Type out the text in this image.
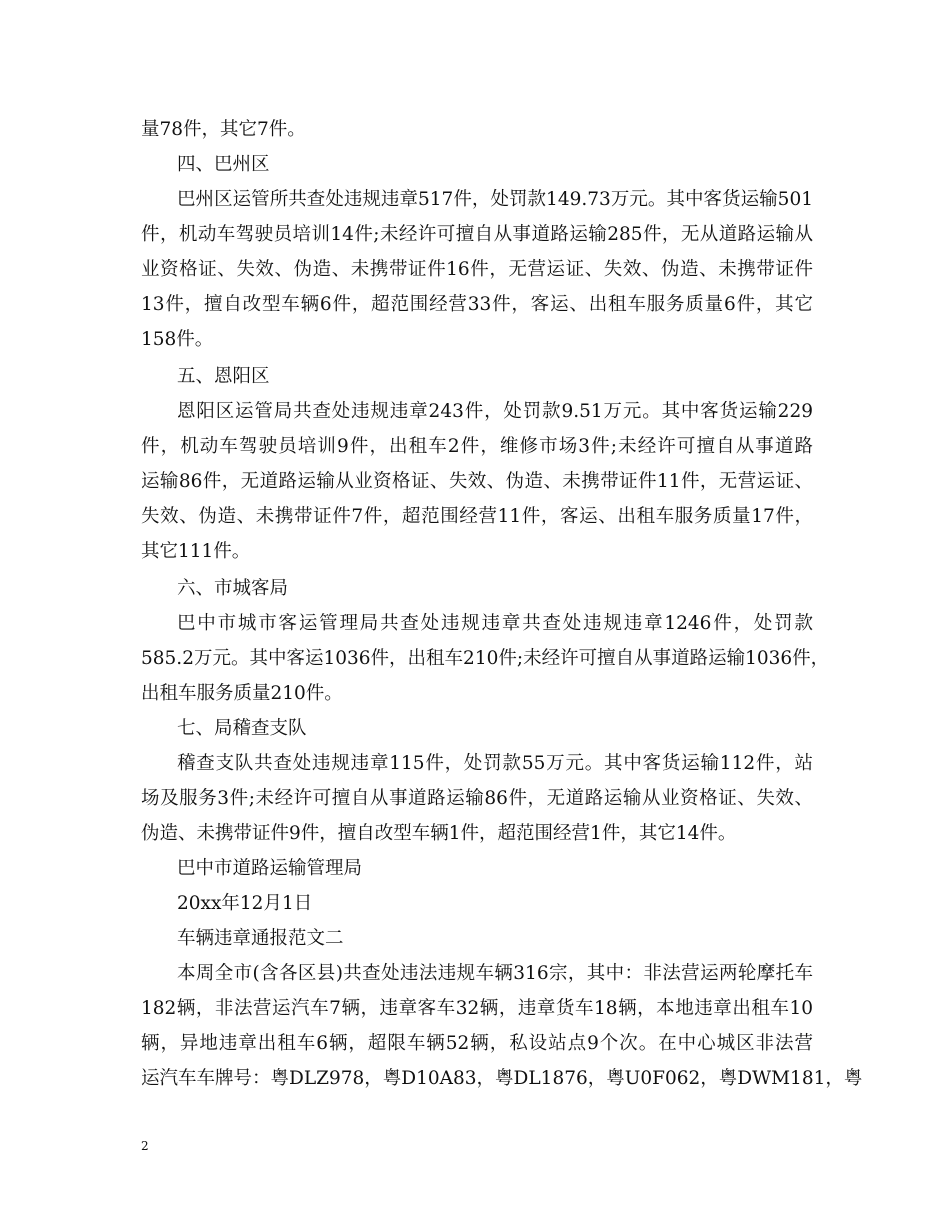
量78件，其它7件。
四、巴州区
巴州区运管所共查处违规违章517件，处罚款149.73万元。其中客货运输501
件，机动车驾驶员培训14件;未经许可擅自从事道路运输285件，无从道路运输从
业资格证、失效、伪造、未携带证件16件，无营运证、失效、伪造、未携带证件
13件，擅自改型车辆6件，超范围经营33件，客运、出租车服务质量6件，其它
158件。
五、恩阳区
恩阳区运管局共查处违规违章243件，处罚款9.51万元。其中客货运输229
件，机动车驾驶员培训9件，出租车2件，维修市场3件;未经许可擅自从事道路
运输86件，无道路运输从业资格证、失效、伪造、未携带证件11件，无营运证、
失效、伪造、未携带证件7件，超范围经营11件，客运、出租车服务质量17件，
其它111件。
六、市城客局
巴中市城市客运管理局共查处违规违章共查处违规违章1246件，处罚款
585.2万元。其中客运1036件，出租车210件;未经许可擅自从事道路运输1036件，
出租车服务质量210件。
七、局稽查支队
稽查支队共查处违规违章115件，处罚款55万元。其中客货运输112件，站
场及服务3件;未经许可擅自从事道路运输86件，无道路运输从业资格证、失效、
伪造、未携带证件9件，擅自改型车辆1件，超范围经营1件，其它14件。
巴中市道路运输管理局
20xx年12月1日
车辆违章通报范文二
本周全市(含各区县)共查处违法违规车辆316宗，其中：非法营运两轮摩托车
182辆，非法营运汽车7辆，违章客车32辆，违章货车18辆，本地违章出租车10
辆，异地违章出租车6辆，超限车辆52辆，私设站点9个次。在中心城区非法营
运汽车车牌号：粤DLZ978，粤D10A83，粤DL1876，粤U0F062，粤DWM181，粤
2
